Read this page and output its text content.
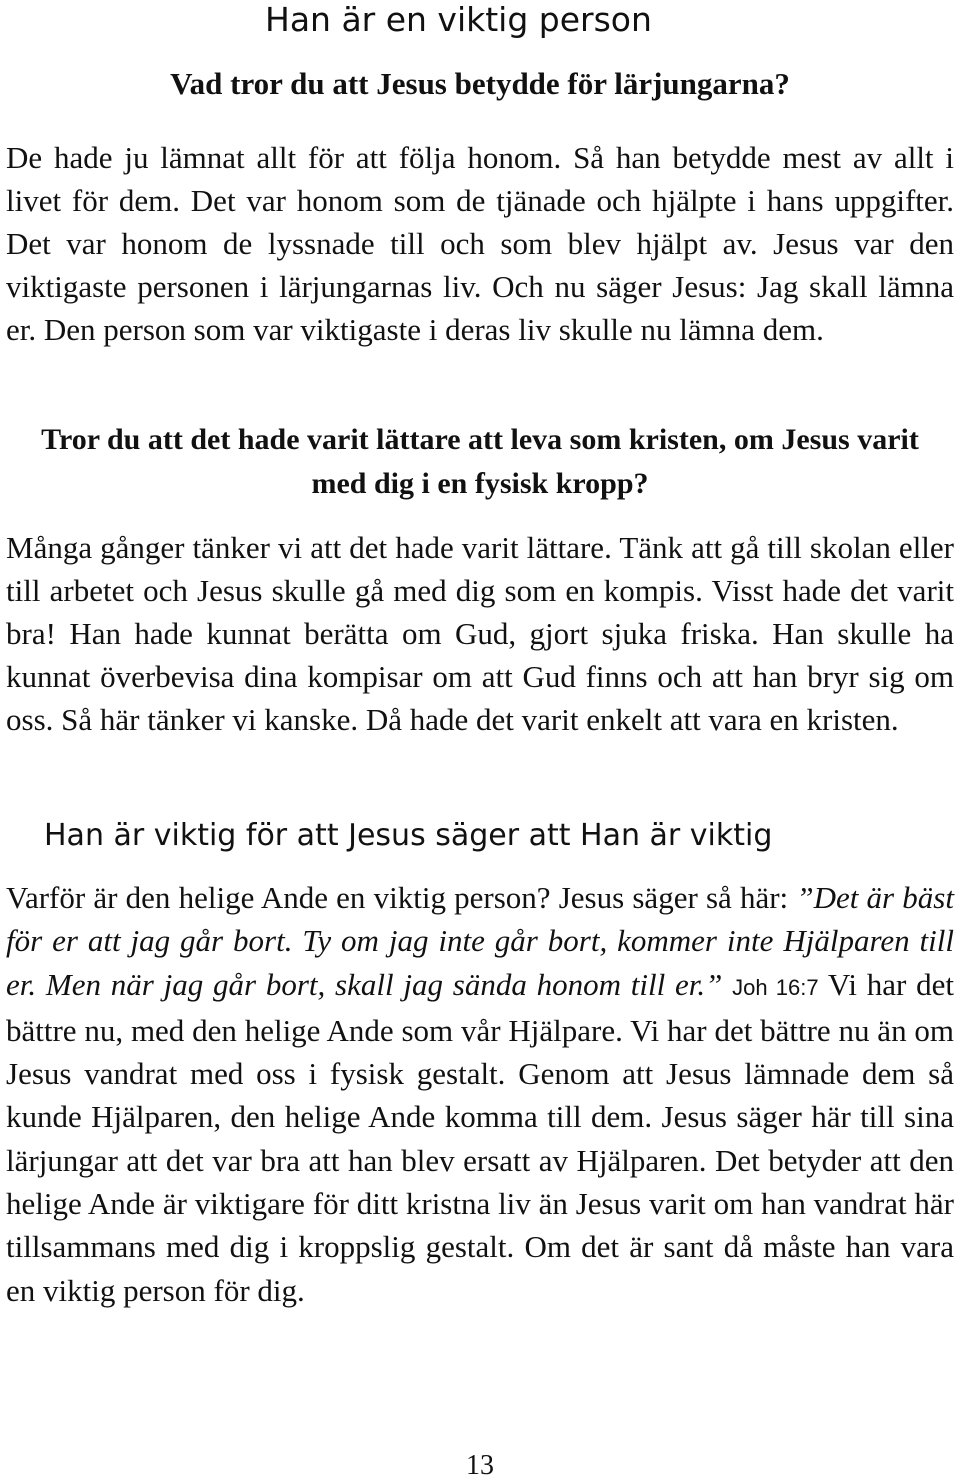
Han är en viktig person
Vad tror du att Jesus betydde för lärjungarna?

De hade ju lämnat allt för att följa honom. Så han betydde mest av allt i livet för dem. Det var honom som de tjänade och hjälpte i hans uppgifter. Det var honom de lyssnade till och som blev hjälpt av. Jesus var den viktigaste personen i lärjungarnas liv. Och nu säger Jesus: Jag skall lämna er. Den person som var viktigaste i deras liv skulle nu lämna dem.

Tror du att det hade varit lättare att leva som kristen, om Jesus varit med dig i en fysisk kropp?

Många gånger tänker vi att det hade varit lättare. Tänk att gå till skolan eller till arbetet och Jesus skulle gå med dig som en kompis. Visst hade det varit bra! Han hade kunnat berätta om Gud, gjort sjuka friska. Han skulle ha kunnat överbevisa dina kompisar om att Gud finns och att han bryr sig om oss. Så här tänker vi kanske. Då hade det varit enkelt att vara en kristen.

Han är viktig för att Jesus säger att Han är viktig

Varför är den helige Ande en viktig person? Jesus säger så här: ”Det är bäst för er att jag går bort. Ty om jag inte går bort, kommer inte Hjälparen till er. Men när jag går bort, skall jag sända honom till er.” Joh 16:7 Vi har det bättre nu, med den helige Ande som vår Hjälpare. Vi har det bättre nu än om Jesus vandrat med oss i fysisk gestalt. Genom att Jesus lämnade dem så kunde Hjälparen, den helige Ande komma till dem. Jesus säger här till sina lärjungar att det var bra att han blev ersatt av Hjälparen. Det betyder att den helige Ande är viktigare för ditt kristna liv än Jesus varit om han vandrat här tillsammans med dig i kroppslig gestalt. Om det är sant då måste han vara en viktig person för dig.

13
